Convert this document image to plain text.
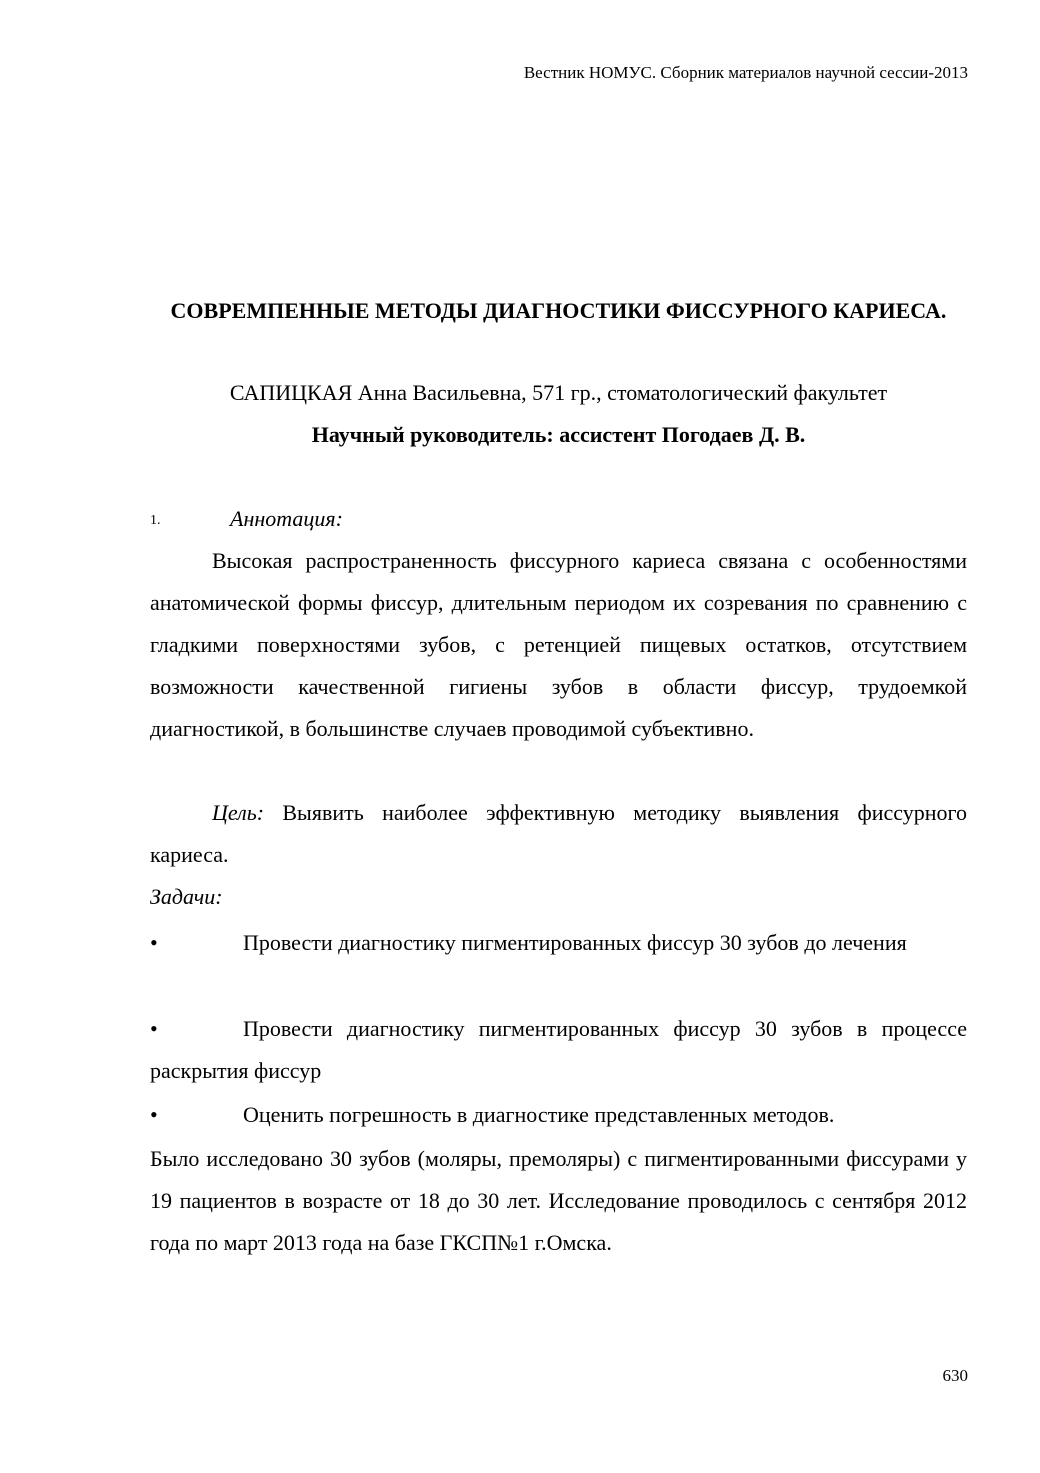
Вестник НОМУС. Сборник материалов научной сессии-2013
СОВРЕМПЕННЫЕ МЕТОДЫ ДИАГНОСТИКИ ФИССУРНОГО КАРИЕСА.
САПИЦКАЯ Анна Васильевна, 571 гр., стоматологический факультет
Научный руководитель: ассистент Погодаев Д. В.
1.	Аннотация:

Высокая распространенность фиссурного кариеса связана с особенностями анатомической формы фиссур, длительным периодом их созревания по сравнению с гладкими поверхностями зубов, с ретенцией пищевых остатков, отсутствием возможности качественной гигиены зубов в области фиссур, трудоемкой диагностикой, в большинстве случаев проводимой субъективно.

Цель: Выявить наиболее эффективную методику выявления фиссурного кариеса.

Задачи:

•	Провести диагностику пигментированных фиссур 30 зубов до лечения
•	Провести диагностику пигментированных фиссур 30 зубов в процессе раскрытия фиссур
•	Оценить погрешность в диагностике представленных методов.

Было исследовано 30 зубов (моляры, премоляры) с пигментированными фиссурами у 19 пациентов в возрасте от 18 до 30 лет. Исследование проводилось с сентября 2012 года по март 2013 года на базе ГКСП№1 г.Омска.

630
